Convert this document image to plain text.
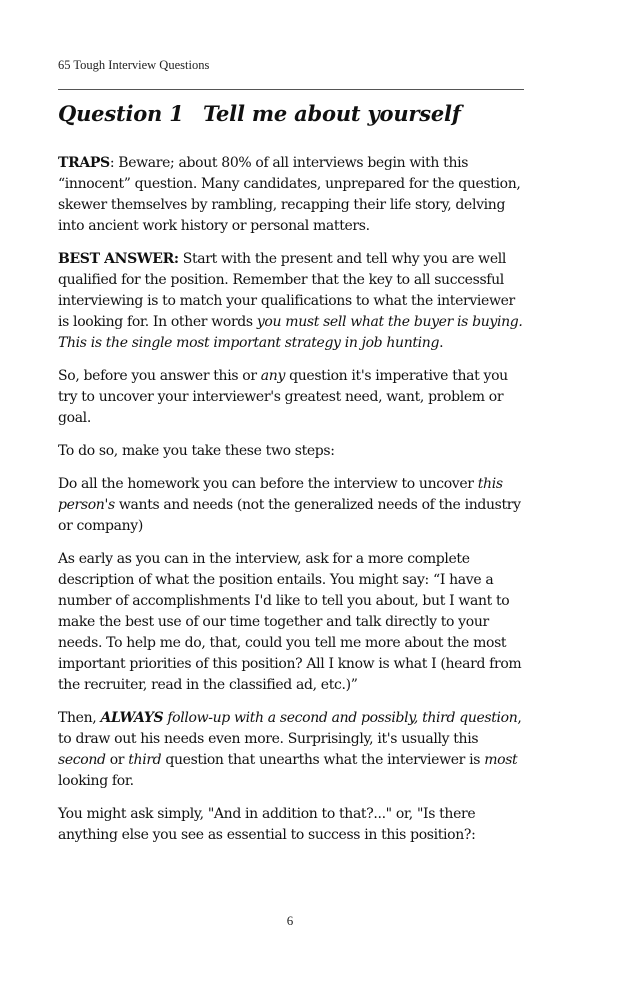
65 Tough Interview Questions
Question 1 Tell me about yourself

TRAPS: Beware; about 80% of all interviews begin with this “innocent” question. Many candidates, unprepared for the question, skewer themselves by rambling, recapping their life story, delving into ancient work history or personal matters.

BEST ANSWER: Start with the present and tell why you are well qualified for the position. Remember that the key to all successful interviewing is to match your qualifications to what the interviewer is looking for. In other words you must sell what the buyer is buying. This is the single most important strategy in job hunting.

So, before you answer this or any question it's imperative that you try to uncover your interviewer's greatest need, want, problem or goal.

To do so, make you take these two steps:

Do all the homework you can before the interview to uncover this person's wants and needs (not the generalized needs of the industry or company)

As early as you can in the interview, ask for a more complete description of what the position entails. You might say: “I have a number of accomplishments I'd like to tell you about, but I want to make the best use of our time together and talk directly to your needs. To help me do, that, could you tell me more about the most important priorities of this position? All I know is what I (heard from the recruiter, read in the classified ad, etc.)”

Then, ALWAYS follow-up with a second and possibly, third question, to draw out his needs even more. Surprisingly, it's usually this second or third question that unearths what the interviewer is most looking for.

You might ask simply, "And in addition to that?..." or, "Is there anything else you see as essential to success in this position?:

6
